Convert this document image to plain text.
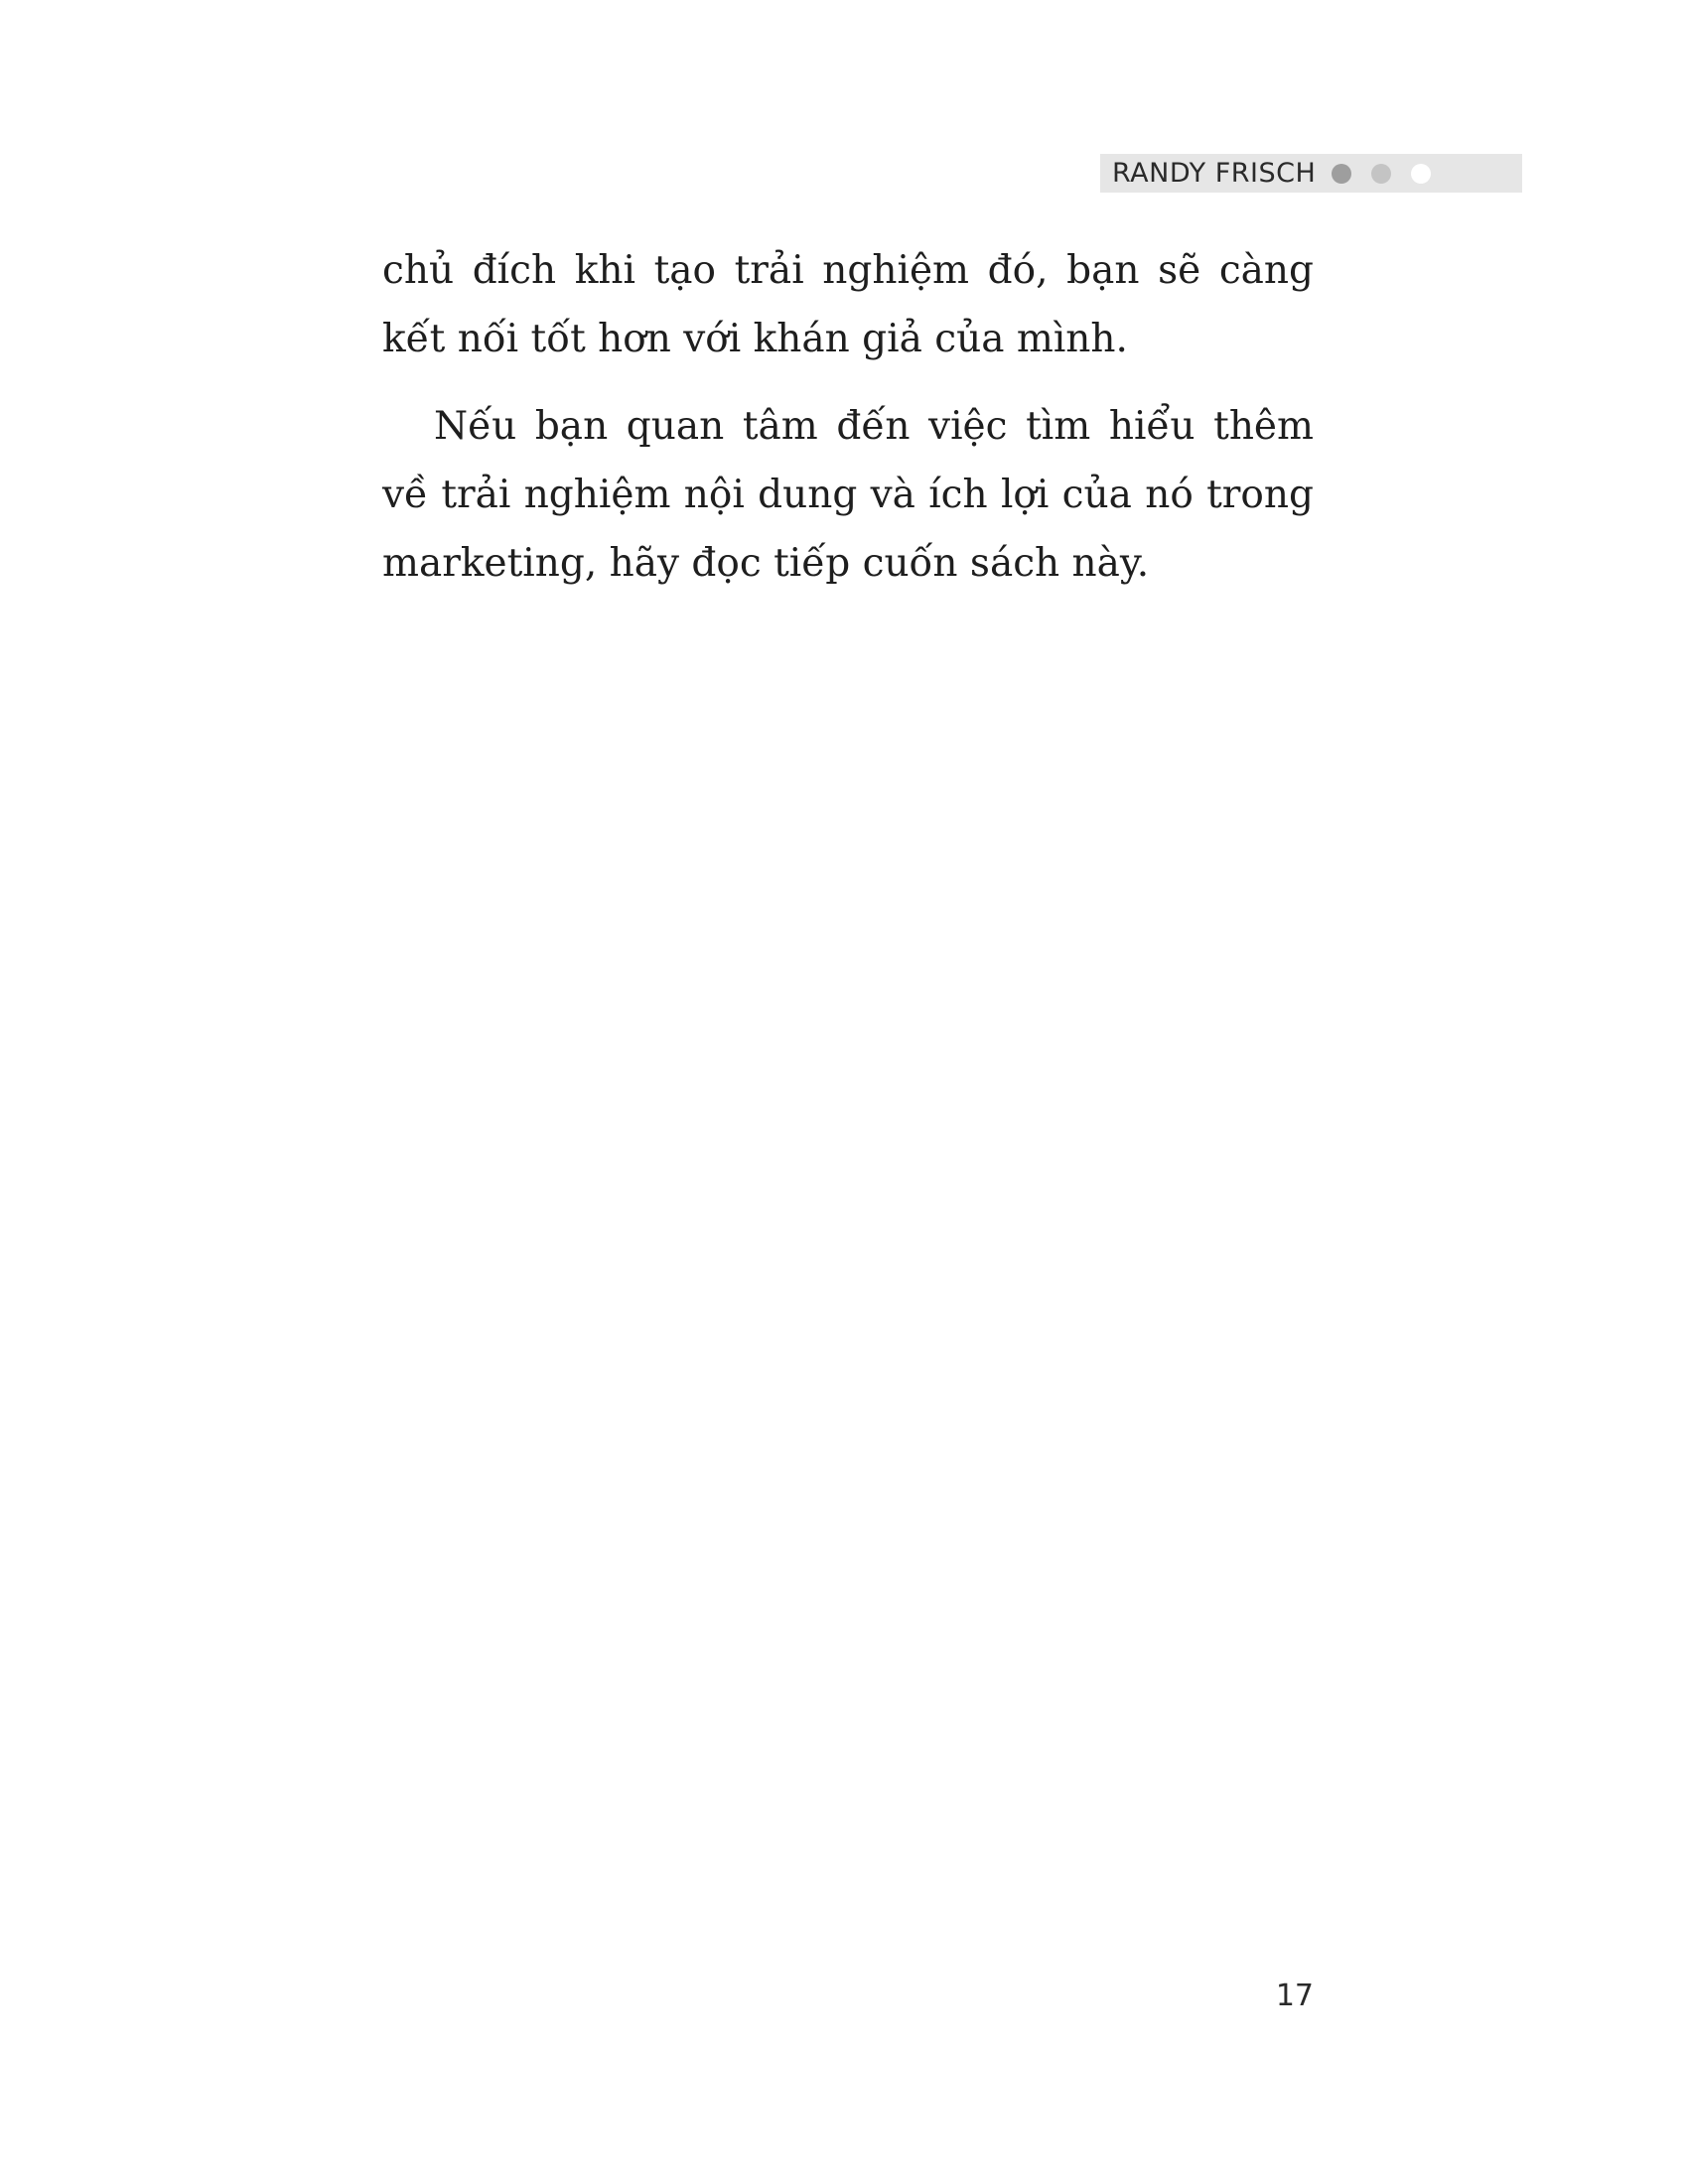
RANDY FRISCH

chủ đích khi tạo trải nghiệm đó, bạn sẽ càng kết nối tốt hơn với khán giả của mình.

Nếu bạn quan tâm đến việc tìm hiểu thêm về trải nghiệm nội dung và ích lợi của nó trong marketing, hãy đọc tiếp cuốn sách này.

17
